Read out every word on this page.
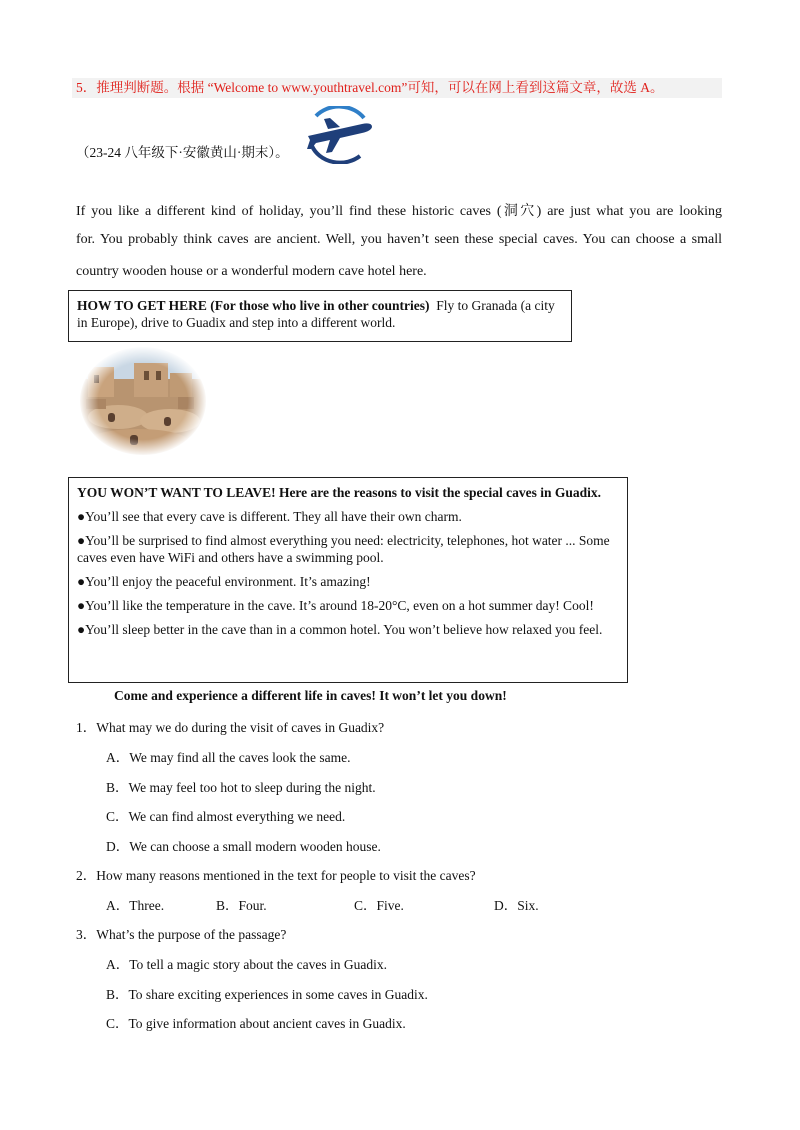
5．推理判断题。根据 “Welcome to www.youthtravel.com”可知，可以在网上看到这篇文章，故选 A。
（23-24 八年级下·安徽黄山·期末）。
If you like a different kind of holiday, you’ll find these historic caves (洞穴) are just what you are looking
for. You probably think caves are ancient. Well, you haven’t seen these special caves. You can choose a small
country wooden house or a wonderful modern cave hotel here.
HOW TO GET HERE (For those who live in other countries) Fly to Granada (a city in Europe), drive to Guadix and step into a different world.

YOU WON’T WANT TO LEAVE! Here are the reasons to visit the special caves in Guadix.

●You’ll see that every cave is different. They all have their own charm.

●You’ll be surprised to find almost everything you need: electricity, telephones, hot water ... Some caves even have WiFi and others have a swimming pool.

●You’ll enjoy the peaceful environment. It’s amazing!

●You’ll like the temperature in the cave. It’s around 18-20°C, even on a hot summer day! Cool!

●You’ll sleep better in the cave than in a common hotel. You won’t believe how relaxed you feel.

Come and experience a different life in caves! It won’t let you down!
1．What may we do during the visit of caves in Guadix?
A．We may find all the caves look the same.
B．We may feel too hot to sleep during the night.
C．We can find almost everything we need.
D．We can choose a small modern wooden house.
2．How many reasons mentioned in the text for people to visit the caves?
A．Three.	B．Four.	C．Five.	D．Six.
3．What’s the purpose of the passage?
A．To tell a magic story about the caves in Guadix.
B．To share exciting experiences in some caves in Guadix.
C．To give information about ancient caves in Guadix.
